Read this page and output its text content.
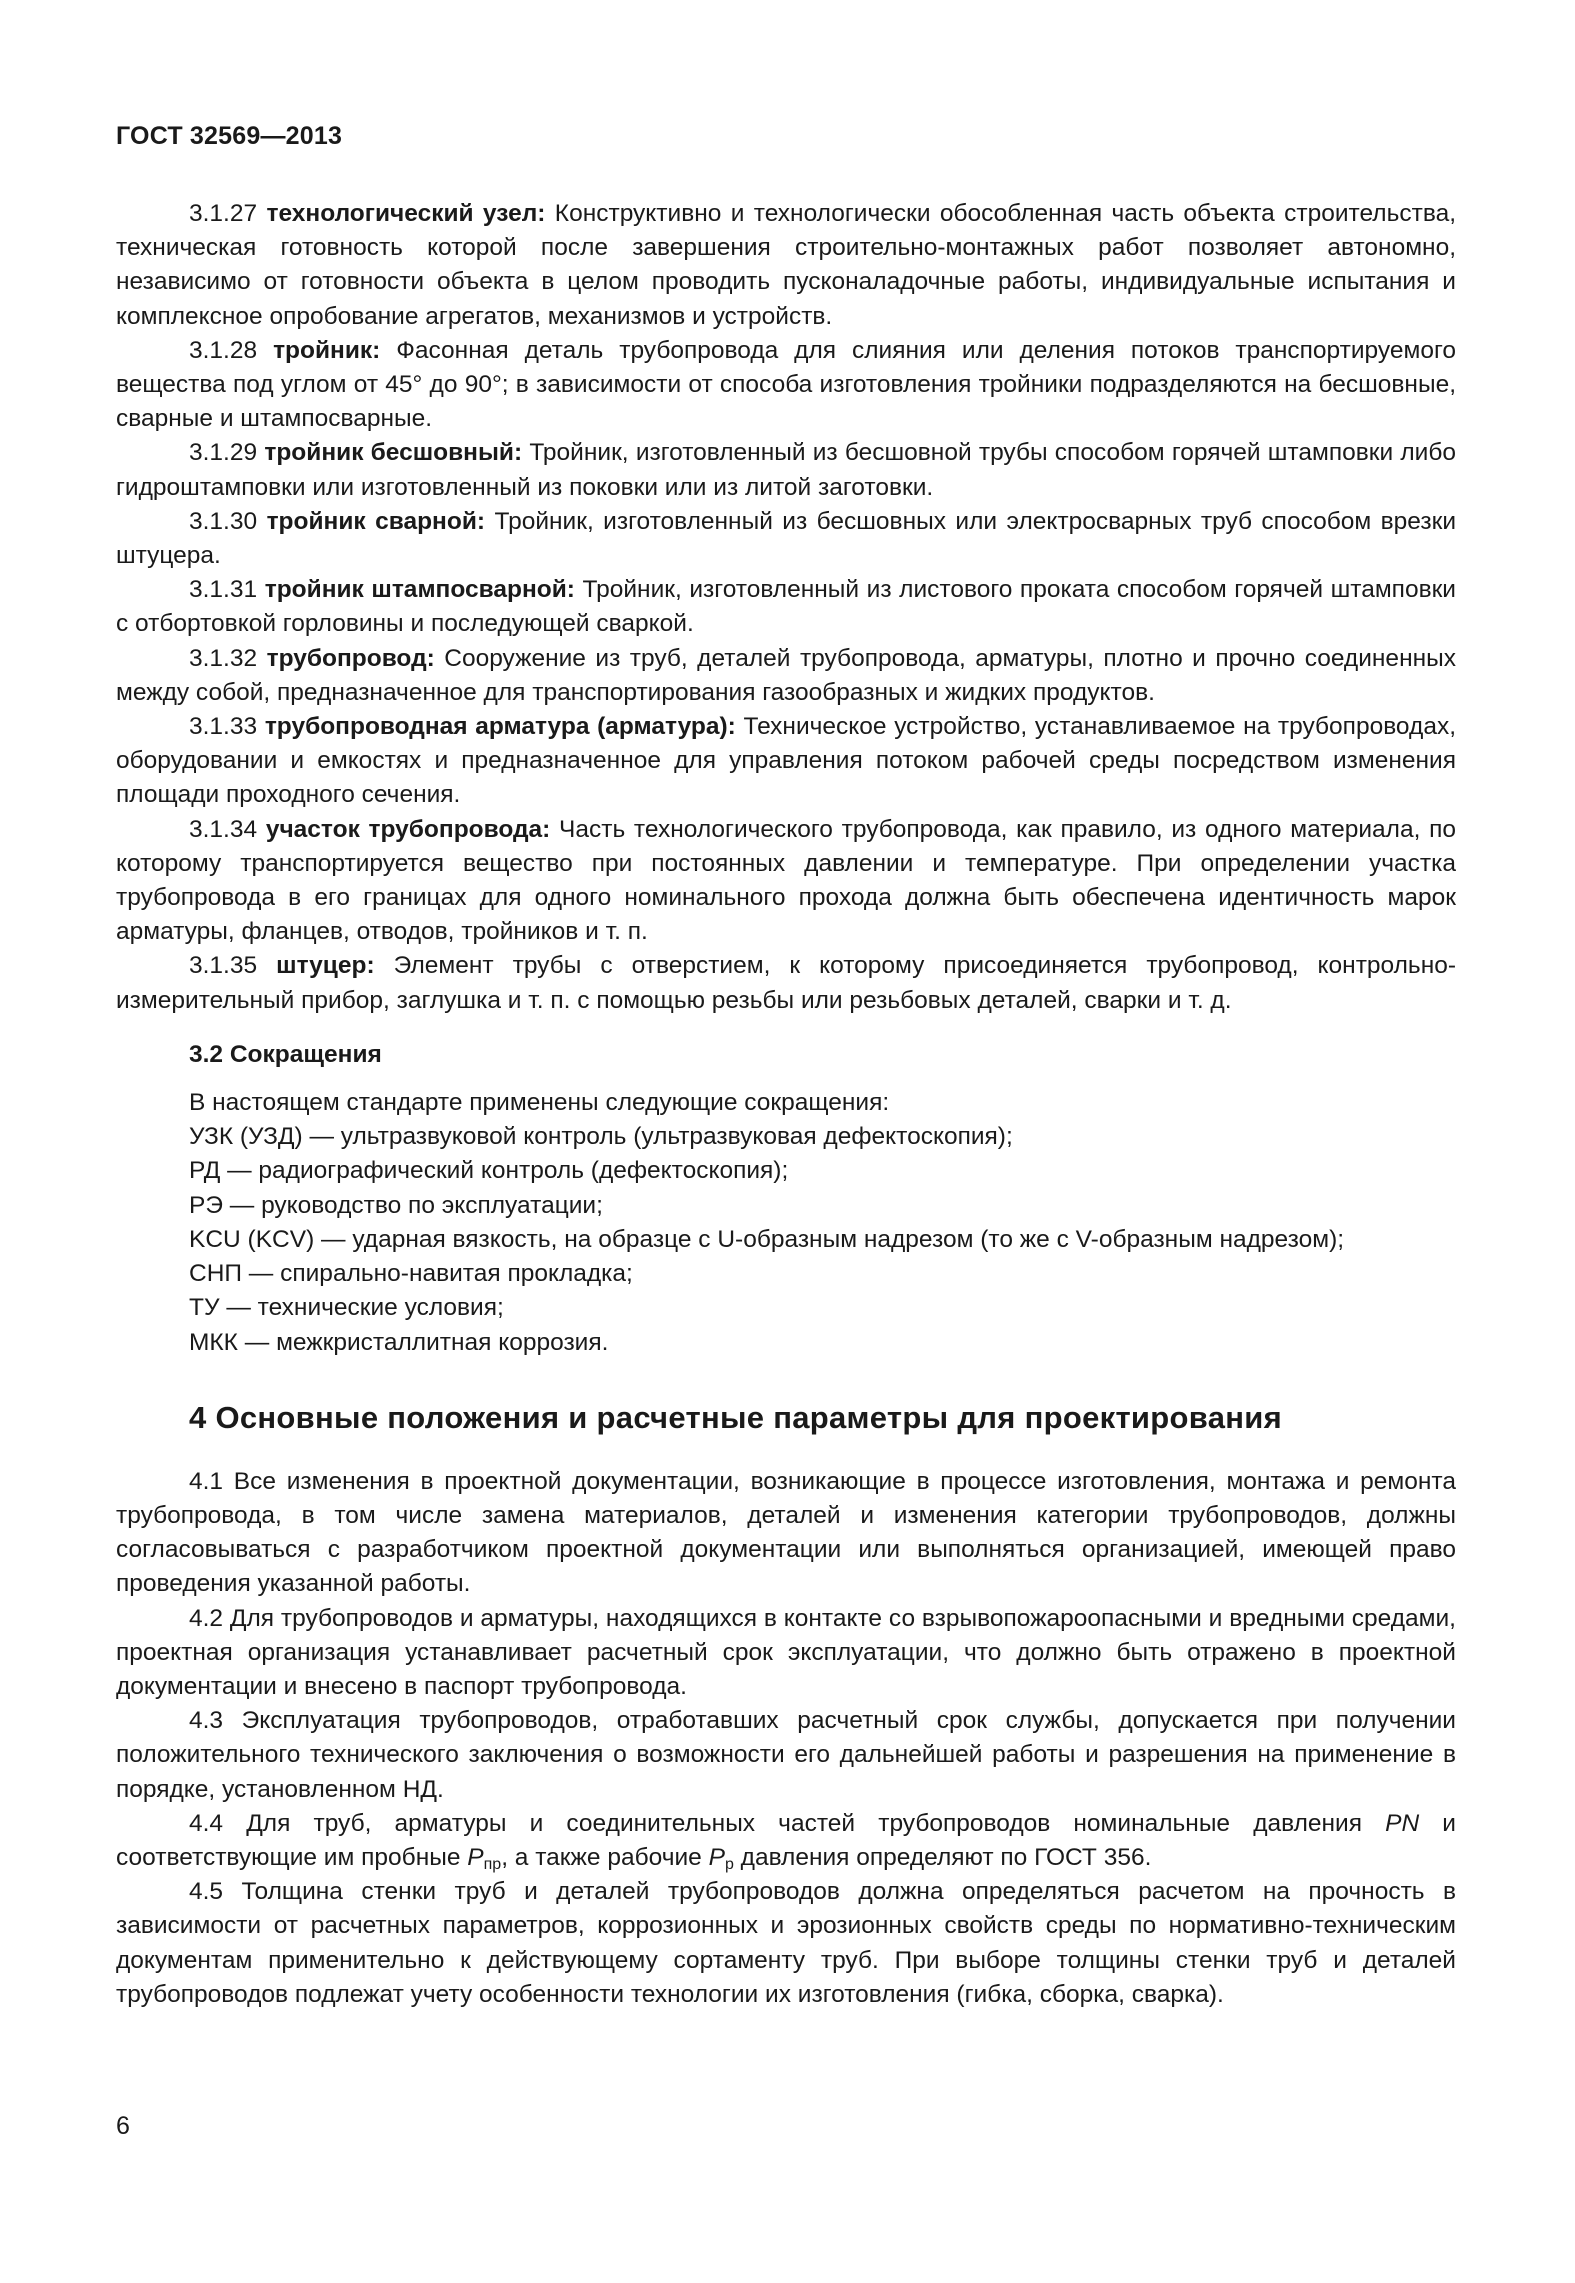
ГОСТ 32569—2013

3.1.27 технологический узел: Конструктивно и технологически обособленная часть объекта строительства, техническая готовность которой после завершения строительно-монтажных работ позволяет автономно, независимо от готовности объекта в целом проводить пусконаладочные работы, индивидуальные испытания и комплексное опробование агрегатов, механизмов и устройств.

3.1.28 тройник: Фасонная деталь трубопровода для слияния или деления потоков транспортируемого вещества под углом от 45° до 90°; в зависимости от способа изготовления тройники подразделяются на бесшовные, сварные и штампосварные.

3.1.29 тройник бесшовный: Тройник, изготовленный из бесшовной трубы способом горячей штамповки либо гидроштамповки или изготовленный из поковки или из литой заготовки.

3.1.30 тройник сварной: Тройник, изготовленный из бесшовных или электросварных труб способом врезки штуцера.

3.1.31 тройник штампосварной: Тройник, изготовленный из листового проката способом горячей штамповки с отбортовкой горловины и последующей сваркой.

3.1.32 трубопровод: Сооружение из труб, деталей трубопровода, арматуры, плотно и прочно соединенных между собой, предназначенное для транспортирования газообразных и жидких продуктов.

3.1.33 трубопроводная арматура (арматура): Техническое устройство, устанавливаемое на трубопроводах, оборудовании и емкостях и предназначенное для управления потоком рабочей среды посредством изменения площади проходного сечения.

3.1.34 участок трубопровода: Часть технологического трубопровода, как правило, из одного материала, по которому транспортируется вещество при постоянных давлении и температуре. При определении участка трубопровода в его границах для одного номинального прохода должна быть обеспечена идентичность марок арматуры, фланцев, отводов, тройников и т. п.

3.1.35 штуцер: Элемент трубы с отверстием, к которому присоединяется трубопровод, контрольно-измерительный прибор, заглушка и т. п. с помощью резьбы или резьбовых деталей, сварки и т. д.

3.2 Сокращения

В настоящем стандарте применены следующие сокращения:

УЗК (УЗД) — ультразвуковой контроль (ультразвуковая дефектоскопия);

РД — радиографический контроль (дефектоскопия);

РЭ — руководство по эксплуатации;

KCU (KCV) — ударная вязкость, на образце с U-образным надрезом (то же с V-образным надрезом);

СНП — спирально-навитая прокладка;

ТУ — технические условия;

МКК — межкристаллитная коррозия.

4 Основные положения и расчетные параметры для проектирования

4.1 Все изменения в проектной документации, возникающие в процессе изготовления, монтажа и ремонта трубопровода, в том числе замена материалов, деталей и изменения категории трубопроводов, должны согласовываться с разработчиком проектной документации или выполняться организацией, имеющей право проведения указанной работы.

4.2 Для трубопроводов и арматуры, находящихся в контакте со взрывопожароопасными и вредными средами, проектная организация устанавливает расчетный срок эксплуатации, что должно быть отражено в проектной документации и внесено в паспорт трубопровода.

4.3 Эксплуатация трубопроводов, отработавших расчетный срок службы, допускается при получении положительного технического заключения о возможности его дальнейшей работы и разрешения на применение в порядке, установленном НД.

4.4 Для труб, арматуры и соединительных частей трубопроводов номинальные давления PN и соответствующие им пробные $P_{пр}$, а также рабочие $P_р$ давления определяют по ГОСТ 356.

4.5 Толщина стенки труб и деталей трубопроводов должна определяться расчетом на прочность в зависимости от расчетных параметров, коррозионных и эрозионных свойств среды по нормативно-техническим документам применительно к действующему сортаменту труб. При выборе толщины стенки труб и деталей трубопроводов подлежат учету особенности технологии их изготовления (гибка, сборка, сварка).

6
